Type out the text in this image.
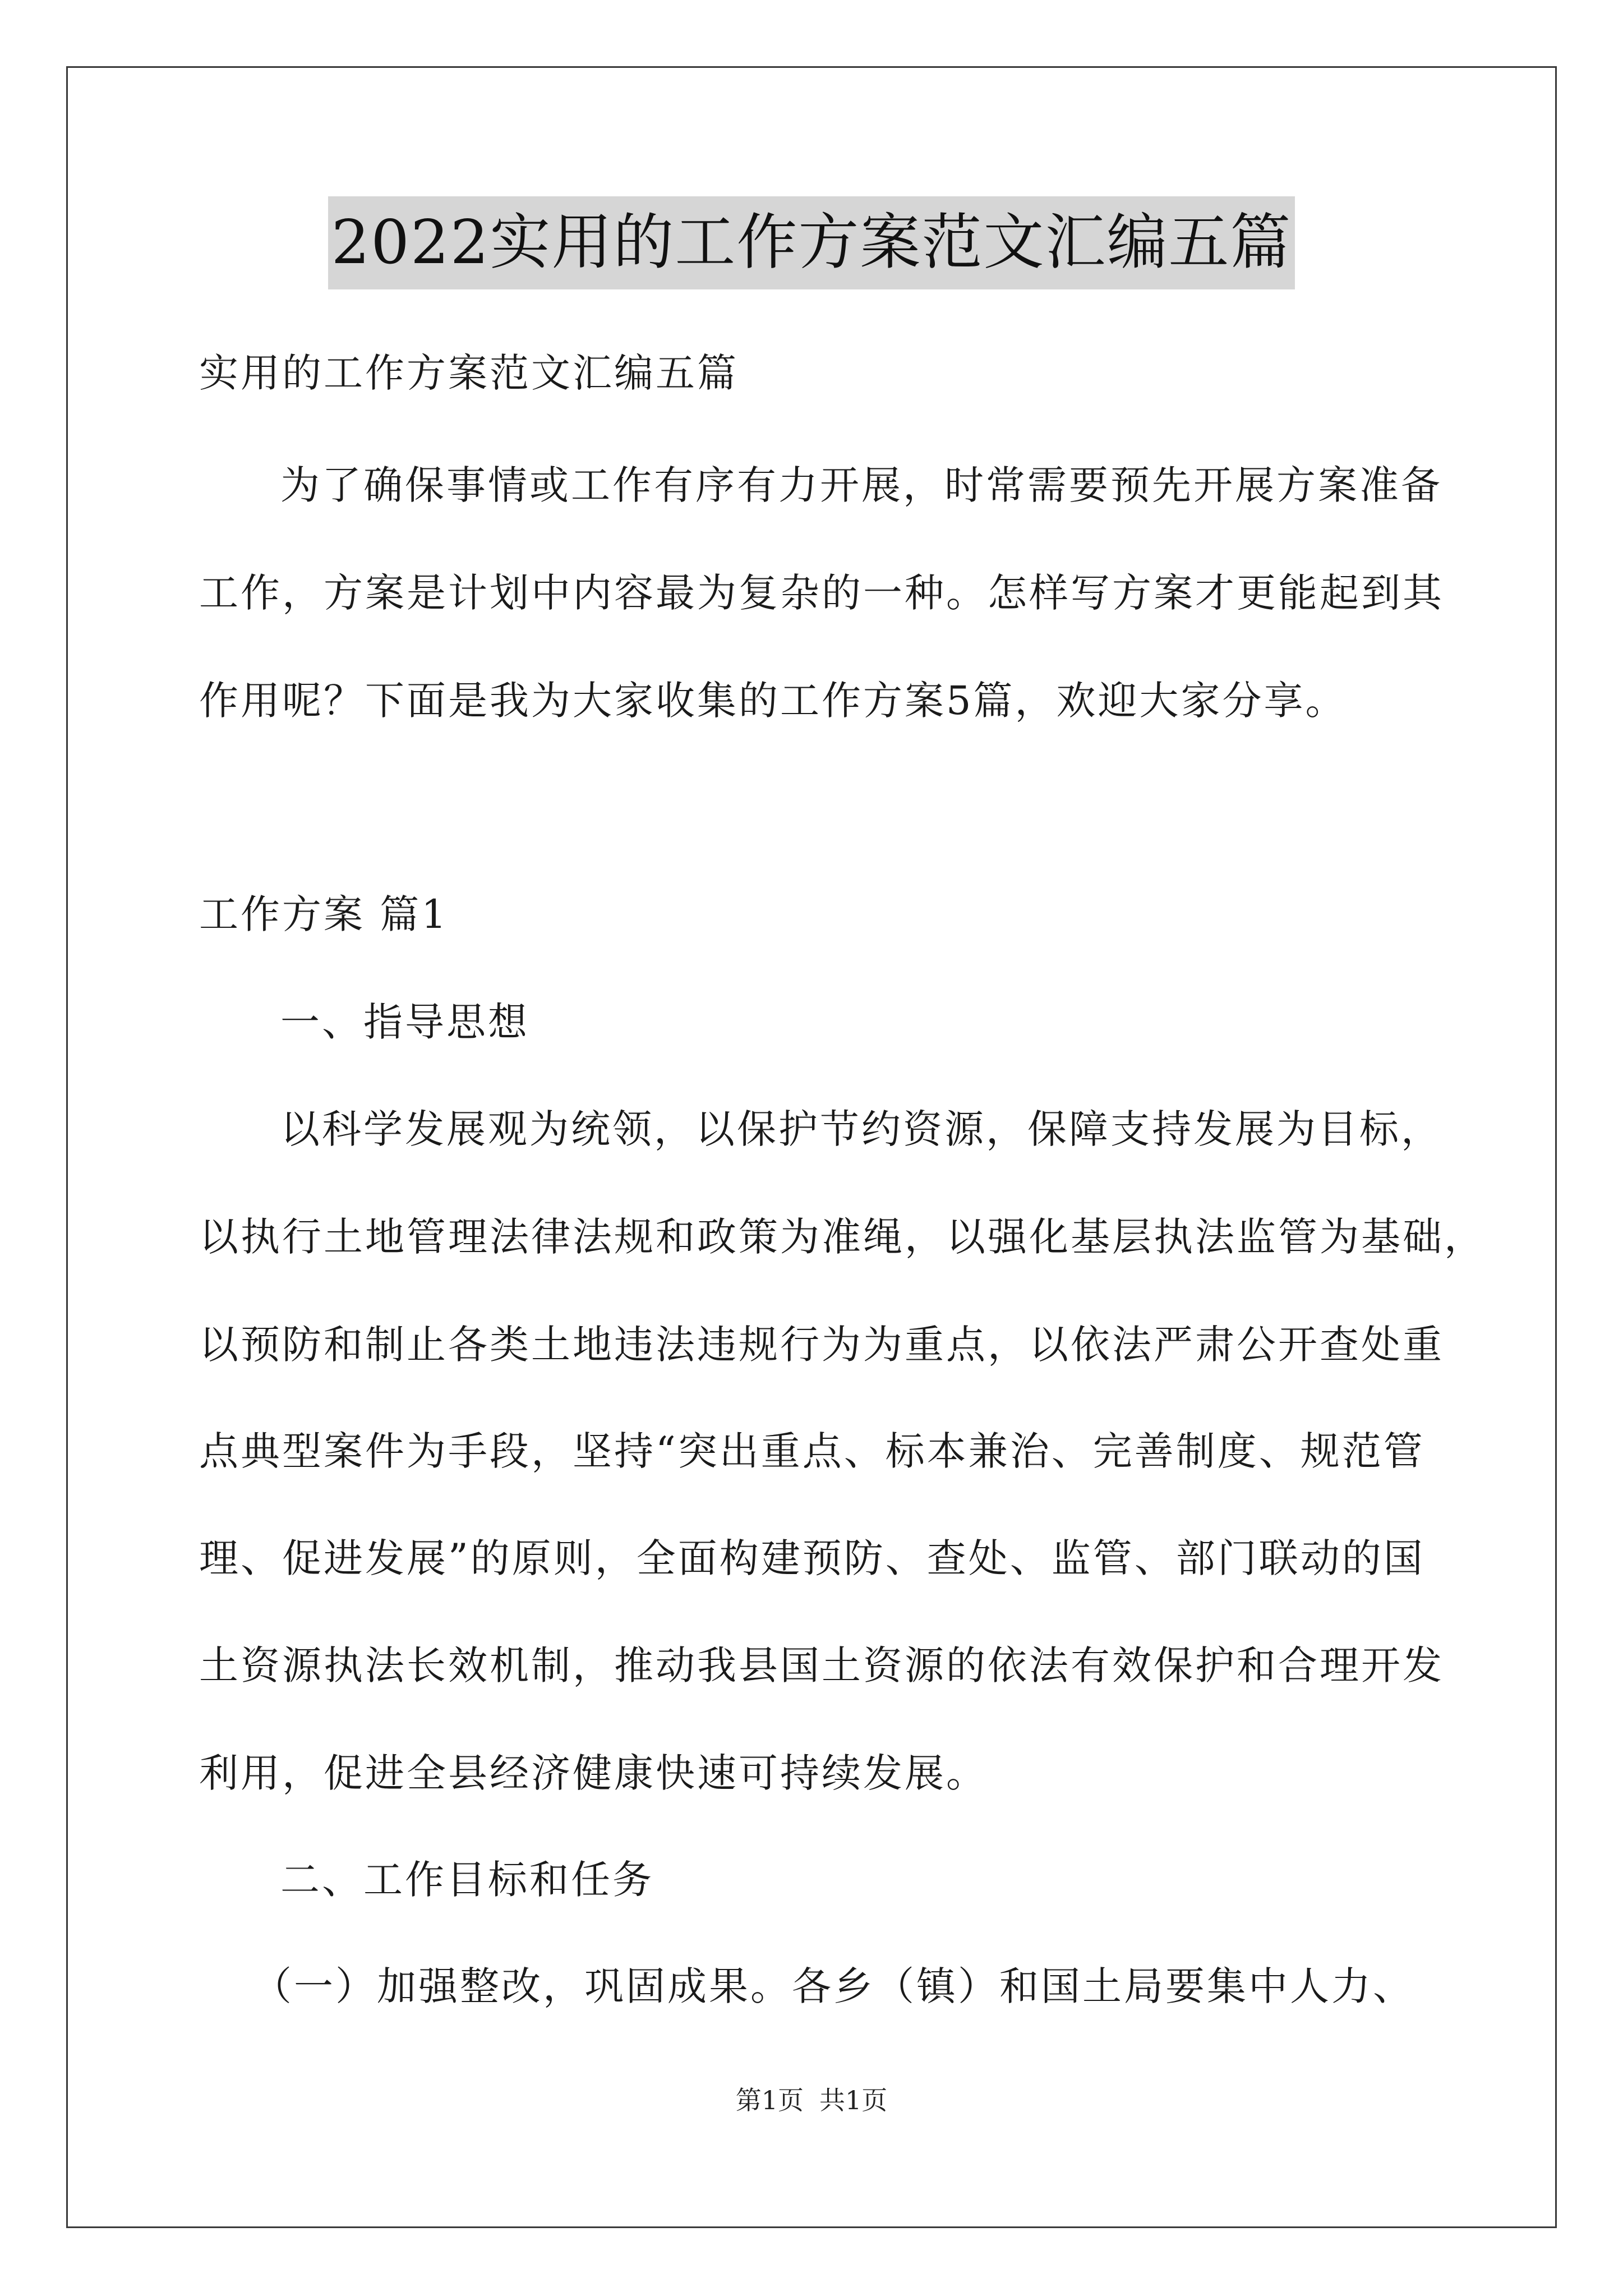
2022实用的工作方案范文汇编五篇
实用的工作方案范文汇编五篇
为了确保事情或工作有序有力开展，时常需要预先开展方案准备
工作，方案是计划中内容最为复杂的一种。怎样写方案才更能起到其
作用呢？下面是我为大家收集的工作方案5篇，欢迎大家分享。
工作方案 篇1
一、指导思想
以科学发展观为统领，以保护节约资源，保障支持发展为目标，
以执行土地管理法律法规和政策为准绳，以强化基层执法监管为基础，
以预防和制止各类土地违法违规行为为重点，以依法严肃公开查处重
点典型案件为手段，坚持“突出重点、标本兼治、完善制度、规范管
理、促进发展”的原则，全面构建预防、查处、监管、部门联动的国
土资源执法长效机制，推动我县国土资源的依法有效保护和合理开发
利用，促进全县经济健康快速可持续发展。
二、工作目标和任务
（一）加强整改，巩固成果。各乡（镇）和国土局要集中人力、
第1页 共1页
